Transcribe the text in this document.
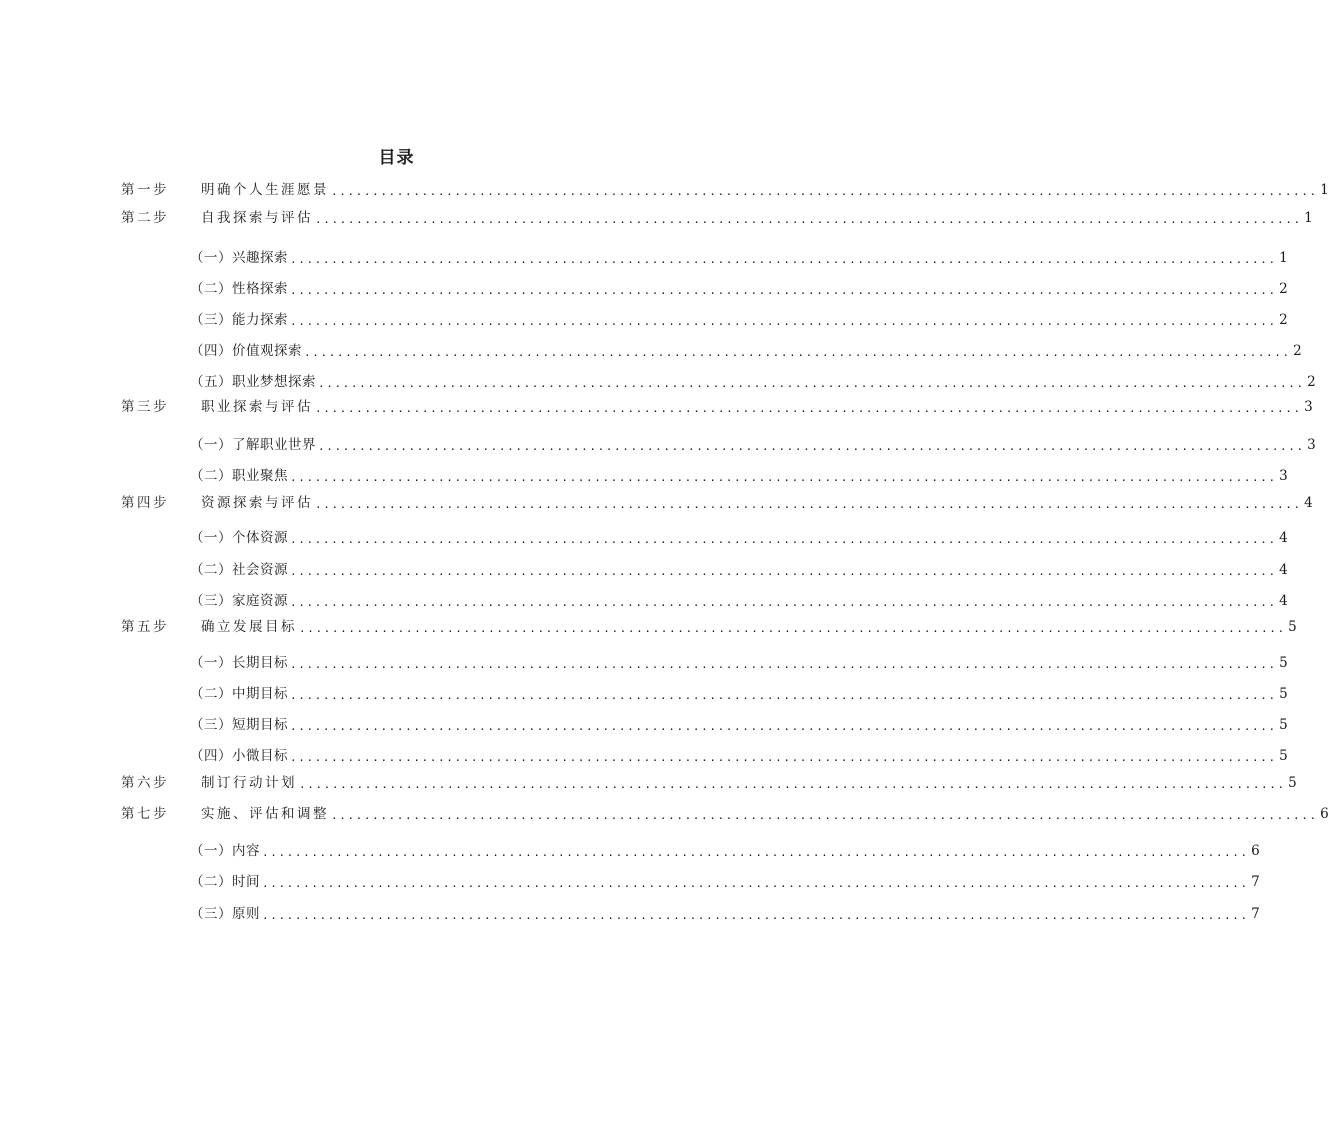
目录
第一步	明确个人生涯愿景 ........................................................................................................................ 1
第二步	自我探索与评估 ........................................................................................................................ 1
（一）兴趣探索 ........................................................................................................................ 1
（二）性格探索 ........................................................................................................................ 2
（三）能力探索 ........................................................................................................................ 2
（四）价值观探索 ........................................................................................................................ 2
（五）职业梦想探索 ........................................................................................................................ 2
第三步	职业探索与评估 ........................................................................................................................ 3
（一）了解职业世界 ........................................................................................................................ 3
（二）职业聚焦 ........................................................................................................................ 3
第四步	资源探索与评估 ........................................................................................................................ 4
（一）个体资源 ........................................................................................................................ 4
（二）社会资源 ........................................................................................................................ 4
（三）家庭资源 ........................................................................................................................ 4
第五步	确立发展目标 ........................................................................................................................ 5
（一）长期目标 ........................................................................................................................ 5
（二）中期目标 ........................................................................................................................ 5
（三）短期目标 ........................................................................................................................ 5
（四）小微目标 ........................................................................................................................ 5
第六步	制订行动计划 ........................................................................................................................ 5
第七步	实施、评估和调整 ........................................................................................................................ 6
（一）内容 ........................................................................................................................ 6
（二）时间 ........................................................................................................................ 7
（三）原则 ........................................................................................................................ 7
